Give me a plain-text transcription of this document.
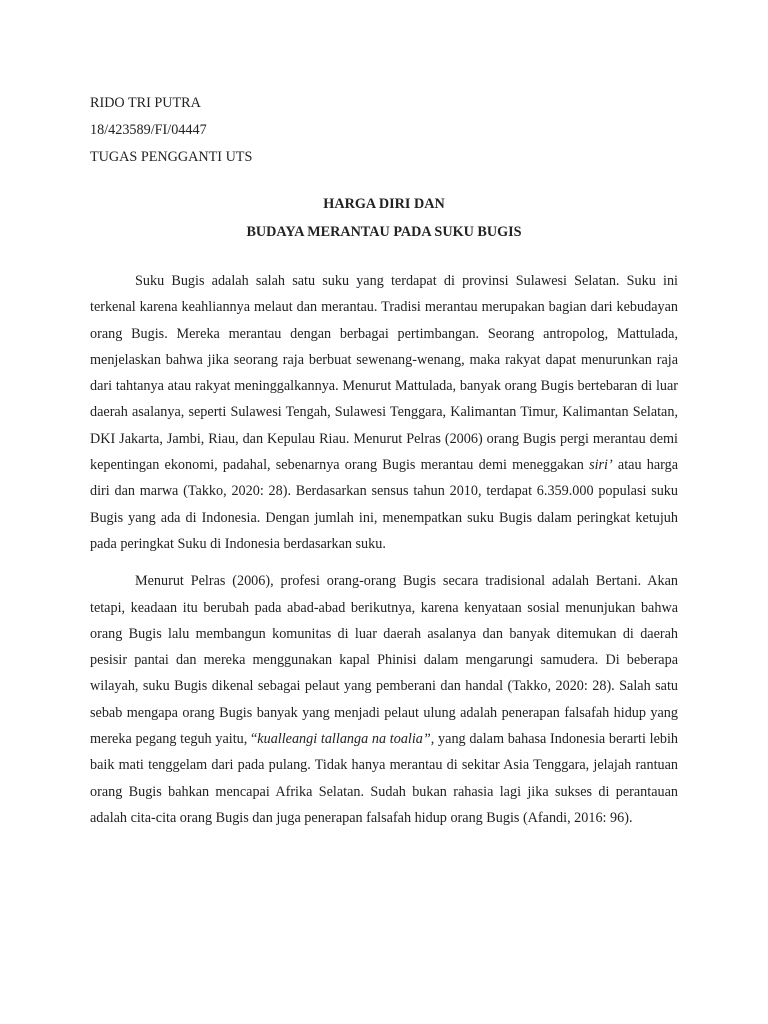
RIDO TRI PUTRA

18/423589/FI/04447

TUGAS PENGGANTI UTS

HARGA DIRI DAN

BUDAYA MERANTAU PADA SUKU BUGIS

Suku Bugis adalah salah satu suku yang terdapat di provinsi Sulawesi Selatan. Suku ini terkenal karena keahliannya melaut dan merantau. Tradisi merantau merupakan bagian dari kebudayan orang Bugis. Mereka merantau dengan berbagai pertimbangan. Seorang antropolog, Mattulada, menjelaskan bahwa jika seorang raja berbuat sewenang-wenang, maka rakyat dapat menurunkan raja dari tahtanya atau rakyat meninggalkannya. Menurut Mattulada, banyak orang Bugis bertebaran di luar daerah asalanya, seperti Sulawesi Tengah, Sulawesi Tenggara, Kalimantan Timur, Kalimantan Selatan, DKI Jakarta, Jambi, Riau, dan Kepulau Riau. Menurut Pelras (2006) orang Bugis pergi merantau demi kepentingan ekonomi, padahal, sebenarnya orang Bugis merantau demi meneggakan siri’ atau harga diri dan marwa (Takko, 2020: 28). Berdasarkan sensus tahun 2010, terdapat 6.359.000 populasi suku Bugis yang ada di Indonesia. Dengan jumlah ini, menempatkan suku Bugis dalam peringkat ketujuh pada peringkat Suku di Indonesia berdasarkan suku.

Menurut Pelras (2006), profesi orang-orang Bugis secara tradisional adalah Bertani. Akan tetapi, keadaan itu berubah pada abad-abad berikutnya, karena kenyataan sosial menunjukan bahwa orang Bugis lalu membangun komunitas di luar daerah asalanya dan banyak ditemukan di daerah pesisir pantai dan mereka menggunakan kapal Phinisi dalam mengarungi samudera. Di beberapa wilayah, suku Bugis dikenal sebagai pelaut yang pemberani dan handal (Takko, 2020: 28). Salah satu sebab mengapa orang Bugis banyak yang menjadi pelaut ulung adalah penerapan falsafah hidup yang mereka pegang teguh yaitu, “kualleangi tallanga na toalia”, yang dalam bahasa Indonesia berarti lebih baik mati tenggelam dari pada pulang. Tidak hanya merantau di sekitar Asia Tenggara, jelajah rantuan orang Bugis bahkan mencapai Afrika Selatan. Sudah bukan rahasia lagi jika sukses di perantauan adalah cita-cita orang Bugis dan juga penerapan falsafah hidup orang Bugis (Afandi, 2016: 96).
